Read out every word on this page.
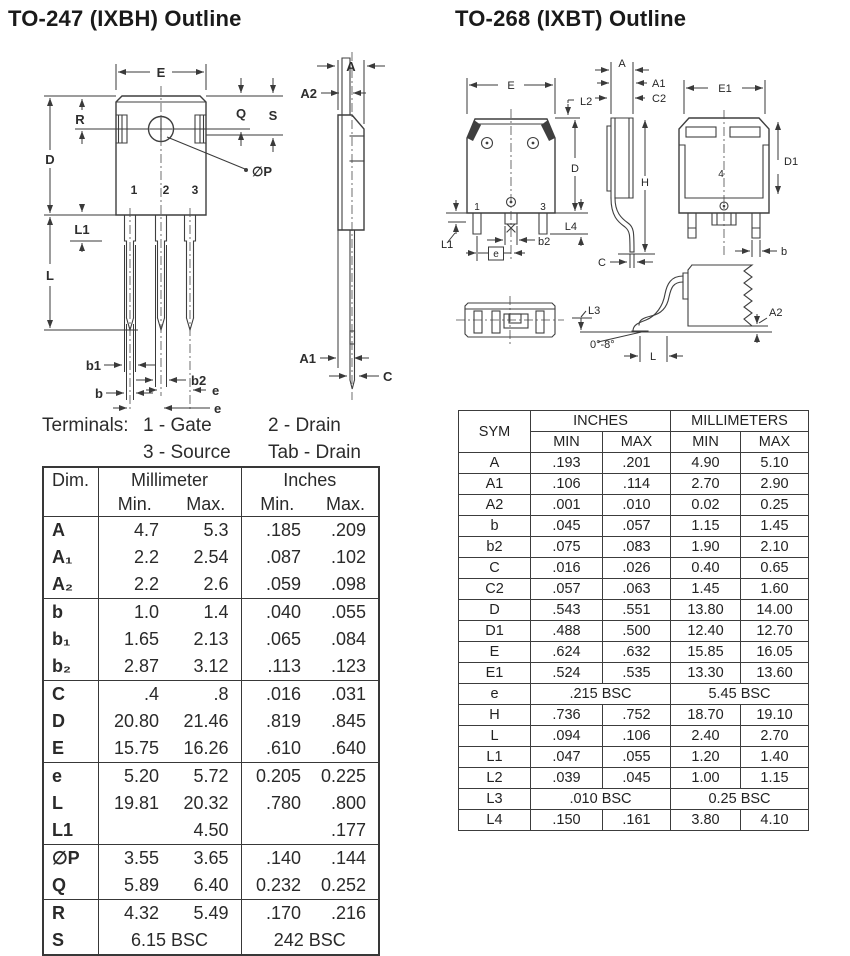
TO-247 (IXBH) Outline
1 2 3
E
D
R
L1
L
Q S
∅P
b1
b
b2
e
e
A
A2
A1
C
Terminals: 1 - Gate	2 - Drain
3 - Source	Tab - Drain
Dim.	Millimeter		Inches	
	Min.	Max.	Min.	Max.
A	4.7	5.3	.185	.209
A₁	2.2	2.54	.087	.102
A₂	2.2	2.6	.059	.098
b	1.0	1.4	.040	.055
b₁	1.65	2.13	.065	.084
b₂	2.87	3.12	.113	.123
C	.4	.8	.016	.031
D	20.80	21.46	.819	.845
E	15.75	16.26	.610	.640
e	5.20	5.72	0.205	0.225
L	19.81	20.32	.780	.800
L1		4.50		.177
∅P	3.55	3.65	.140	.144
Q	5.89	6.40	0.232	0.252
R	4.32	5.49	.170	.216
S	6.15 BSC		242 BSC	
TO-268 (IXBT) Outline
1	3
4
E
L2
D
L4
b2
e
L1
A
A1
C2
H
C
E1
D1
b
L3
0°-8°
L
A2
SYM	INCHES		MILLIMETERS	
	MIN	MAX	MIN	MAX
A	.193	.201	4.90	5.10
A1	.106	.114	2.70	2.90
A2	.001	.010	0.02	0.25
b	.045	.057	1.15	1.45
b2	.075	.083	1.90	2.10
C	.016	.026	0.40	0.65
C2	.057	.063	1.45	1.60
D	.543	.551	13.80	14.00
D1	.488	.500	12.40	12.70
E	.624	.632	15.85	16.05
E1	.524	.535	13.30	13.60
e	.215 BSC		5.45 BSC	
H	.736	.752	18.70	19.10
L	.094	.106	2.40	2.70
L1	.047	.055	1.20	1.40
L2	.039	.045	1.00	1.15
L3	.010 BSC		0.25 BSC	
L4	.150	.161	3.80	4.10
